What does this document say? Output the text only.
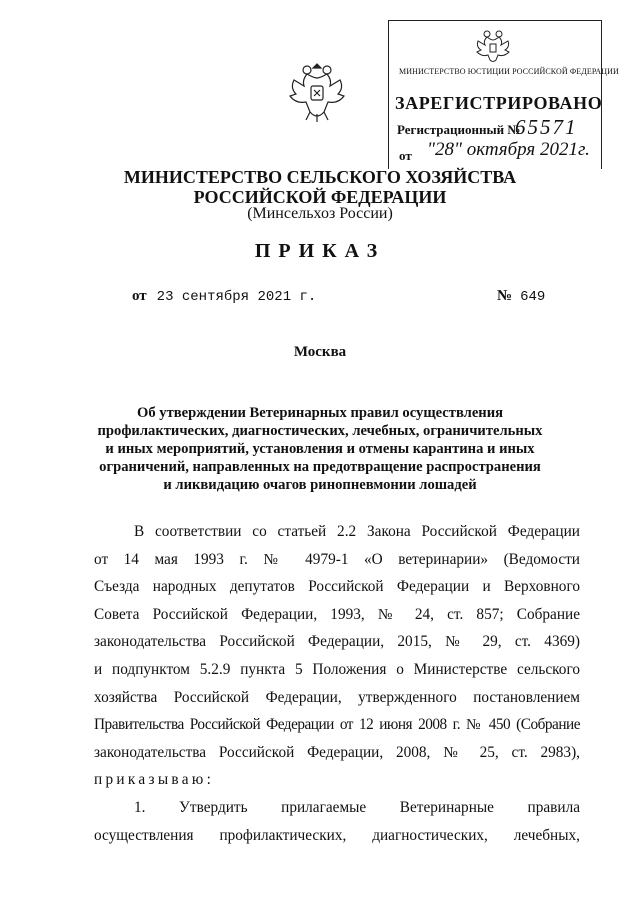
МИНИСТЕРСТВО ЮСТИЦИИ РОССИЙСКОЙ ФЕДЕРАЦИИ
ЗАРЕГИСТРИРОВАНО
Регистрационный №
65571
от "28" октября 2021г.
МИНИСТЕРСТВО СЕЛЬСКОГО ХОЗЯЙСТВА
РОССИЙСКОЙ ФЕДЕРАЦИИ
(Минсельхоз России)
ПРИКАЗ
от 23 сентября 2021 г.	№ 649
Москва
Об утверждении Ветеринарных правил осуществления
профилактических, диагностических, лечебных, ограничительных
и иных мероприятий, установления и отмены карантина и иных
ограничений, направленных на предотвращение распространения
и ликвидацию очагов ринопневмонии лошадей
В соответствии со статьей 2.2 Закона Российской Федерации
от 14 мая 1993 г. № 4979-1 «О ветеринарии» (Ведомости
Съезда народных депутатов Российской Федерации и Верховного
Совета Российской Федерации, 1993, № 24, ст. 857; Собрание
законодательства Российской Федерации, 2015, № 29, ст. 4369)
и подпунктом 5.2.9 пункта 5 Положения о Министерстве сельского
хозяйства Российской Федерации, утвержденного постановлением
Правительства Российской Федерации от 12 июня 2008 г. № 450 (Собрание
законодательства Российской Федерации, 2008, № 25, ст. 2983),
приказываю:
1. Утвердить прилагаемые Ветеринарные правила
осуществления профилактических, диагностических, лечебных,
